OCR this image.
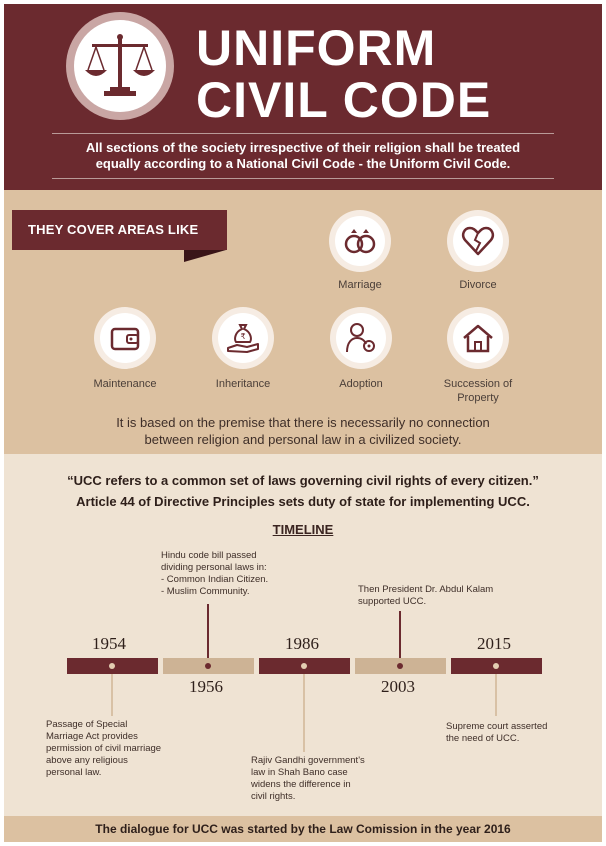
UNIFORM
CIVIL CODE
All sections of the society irrespective of their religion shall be treated
equally according to a National Civil Code - the Uniform Civil Code.
THEY COVER AREAS LIKE
Marriage	Divorce
Maintenance
₹
Inheritance	Adoption	Succession of
Property
It is based on the premise that there is necessarily no connection
between religion and personal law in a civilized society.
“UCC refers to a common set of laws governing civil rights of every citizen.”
Article 44 of Directive Principles sets duty of state for implementing UCC.
TIMELINE
1954
1956
1986
2003
2015
Passage of Special
Marriage Act provides
permission of civil marriage
above any religious
personal law.
Hindu code bill passed
dividing personal laws in:
- Common Indian Citizen.
- Muslim Community.
Rajiv Gandhi government's
law in Shah Bano case
widens the difference in
civil rights.
Then President Dr. Abdul Kalam
supported UCC.
Supreme court asserted
the need of UCC.
The dialogue for UCC was started by the Law Comission in the year 2016
